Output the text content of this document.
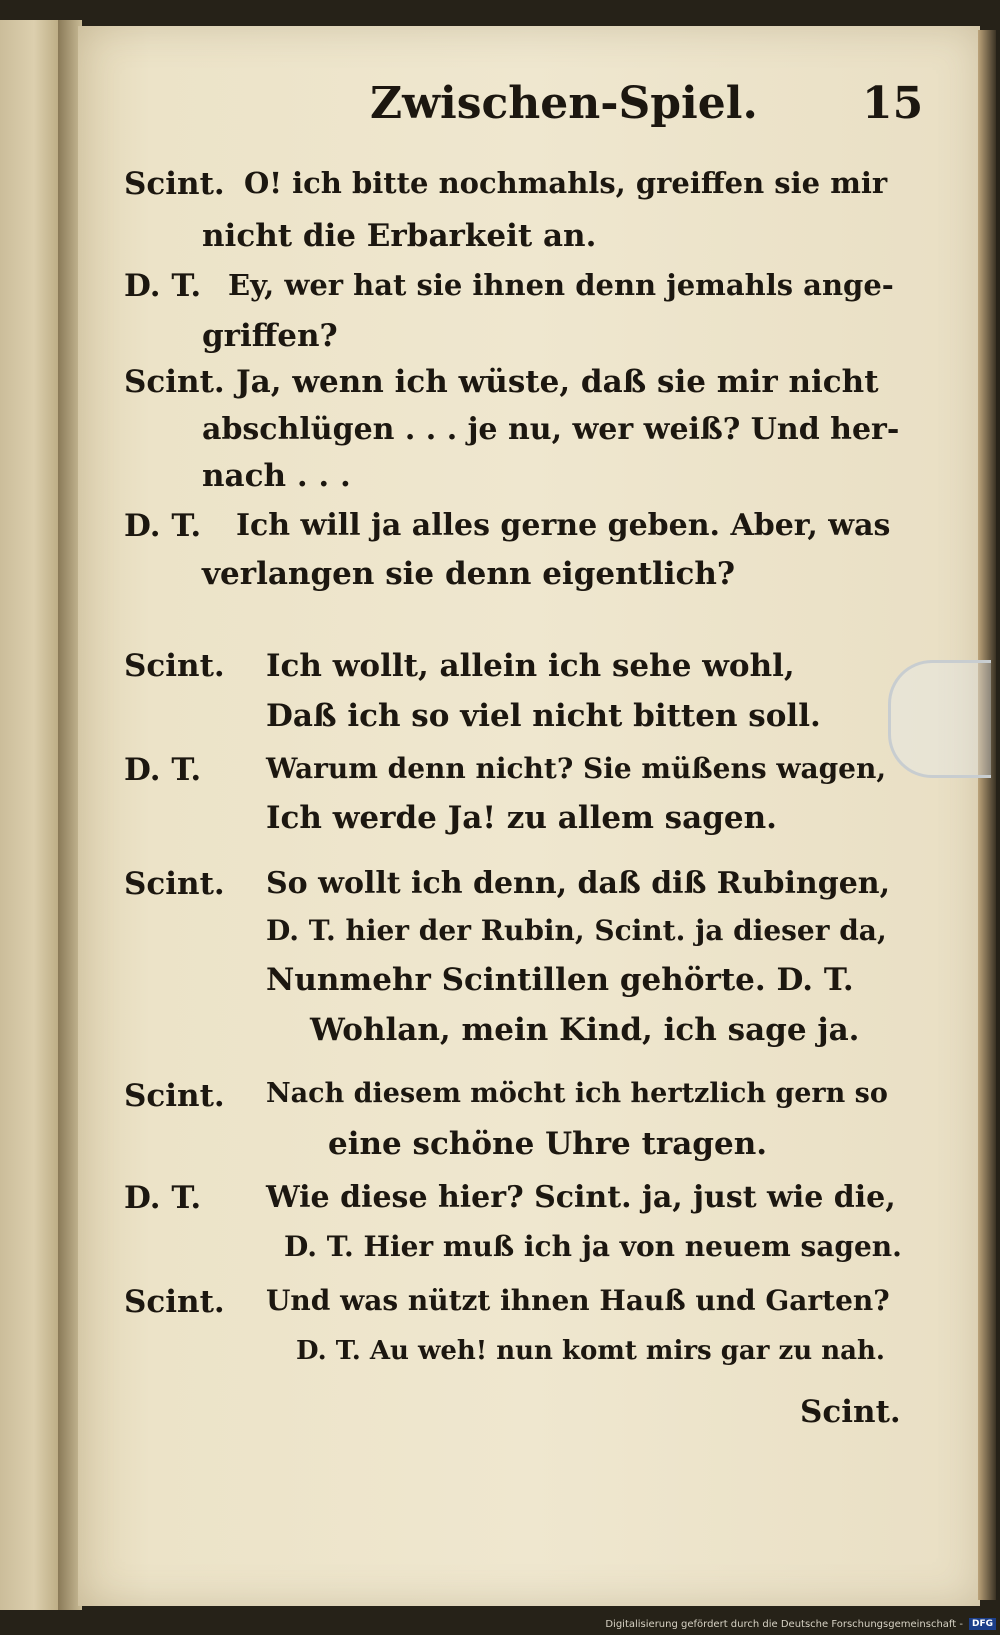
Zwischen-Spiel. 15
Scint. O! ich bitte nochmahls, greiffen sie mir
nicht die Erbarkeit an.
D. T. Ey, wer hat sie ihnen denn jemahls ange-
griffen?
Scint. Ja, wenn ich wüste, daß sie mir nicht
abschlügen . . . je nu, wer weiß? Und her-
nach . . .
D. T. Ich will ja alles gerne geben. Aber, was
verlangen sie denn eigentlich?
Scint. Ich wollt, allein ich sehe wohl,
Daß ich so viel nicht bitten soll.
D. T. Warum denn nicht? Sie müßens wagen,
Ich werde Ja! zu allem sagen.
Scint. So wollt ich denn, daß diß Rubingen,
D. T. hier der Rubin, Scint. ja dieser da,
Nunmehr Scintillen gehörte. D. T.
Wohlan, mein Kind, ich sage ja.
Scint. Nach diesem möcht ich hertzlich gern so
eine schöne Uhre tragen.
D. T. Wie diese hier? Scint. ja, just wie die,
D. T. Hier muß ich ja von neuem sagen.
Scint. Und was nützt ihnen Hauß und Garten?
D. T. Au weh! nun komt mirs gar zu nah.
Scint.
Digitalisierung gefördert durch die Deutsche Forschungsgemeinschaft -	DFG
